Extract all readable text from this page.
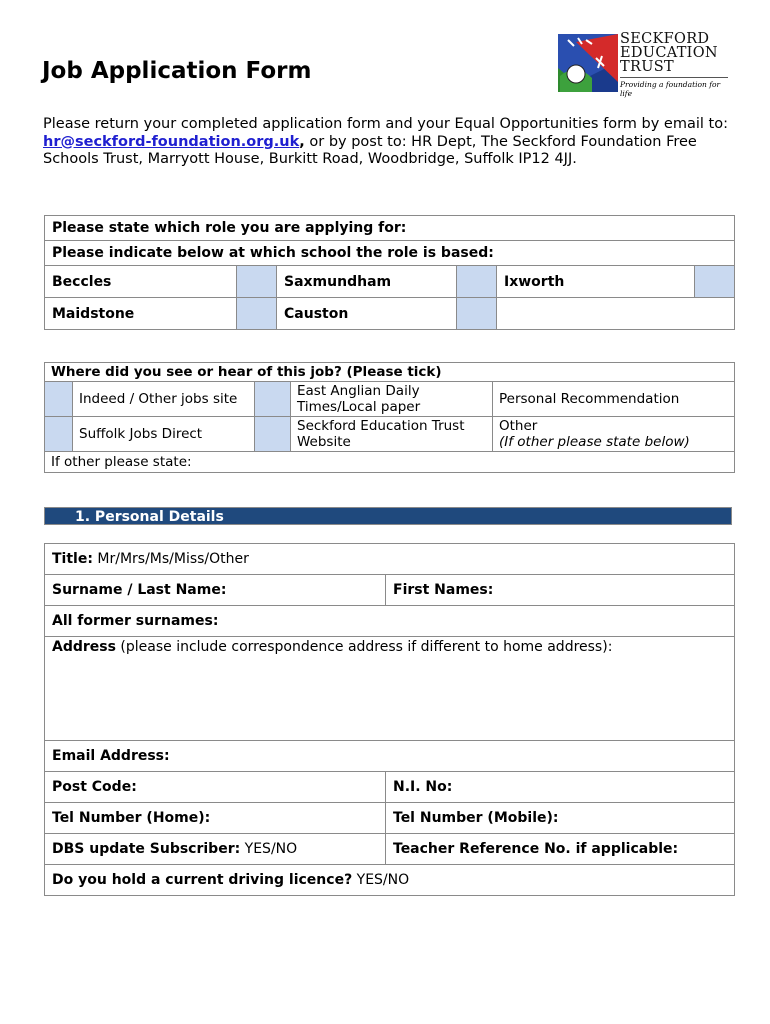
Job Application Form
SECKFORD
EDUCATION
TRUST
Providing a foundation for life
Please return your completed application form and your Equal Opportunities form by email to: hr@seckford-foundation.org.uk, or by post to: HR Dept, The Seckford Foundation Free Schools Trust, Marryott House, Burkitt Road, Woodbridge, Suffolk IP12 4JJ.
Please state which role you are applying for:					
Please indicate below at which school the role is based:					
Beccles		Saxmundham		Ixworth	
Maidstone		Causton			
Where did you see or hear of this job? (Please tick)				
	Indeed / Other jobs site		East Anglian Daily Times/Local paper	Personal Recommendation
	Suffolk Jobs Direct		Seckford Education Trust Website	Other
(If other please state below)

If other please state:				
1. Personal Details
Title: Mr/Mrs/Ms/Miss/Other	
Surname / Last Name:	First Names:
All former surnames:	
Address (please include correspondence address if different to home address):	
Email Address:	
Post Code:	N.I. No:
Tel Number (Home):	Tel Number (Mobile):
DBS update Subscriber: YES/NO	Teacher Reference No. if applicable:
Do you hold a current driving licence? YES/NO	
